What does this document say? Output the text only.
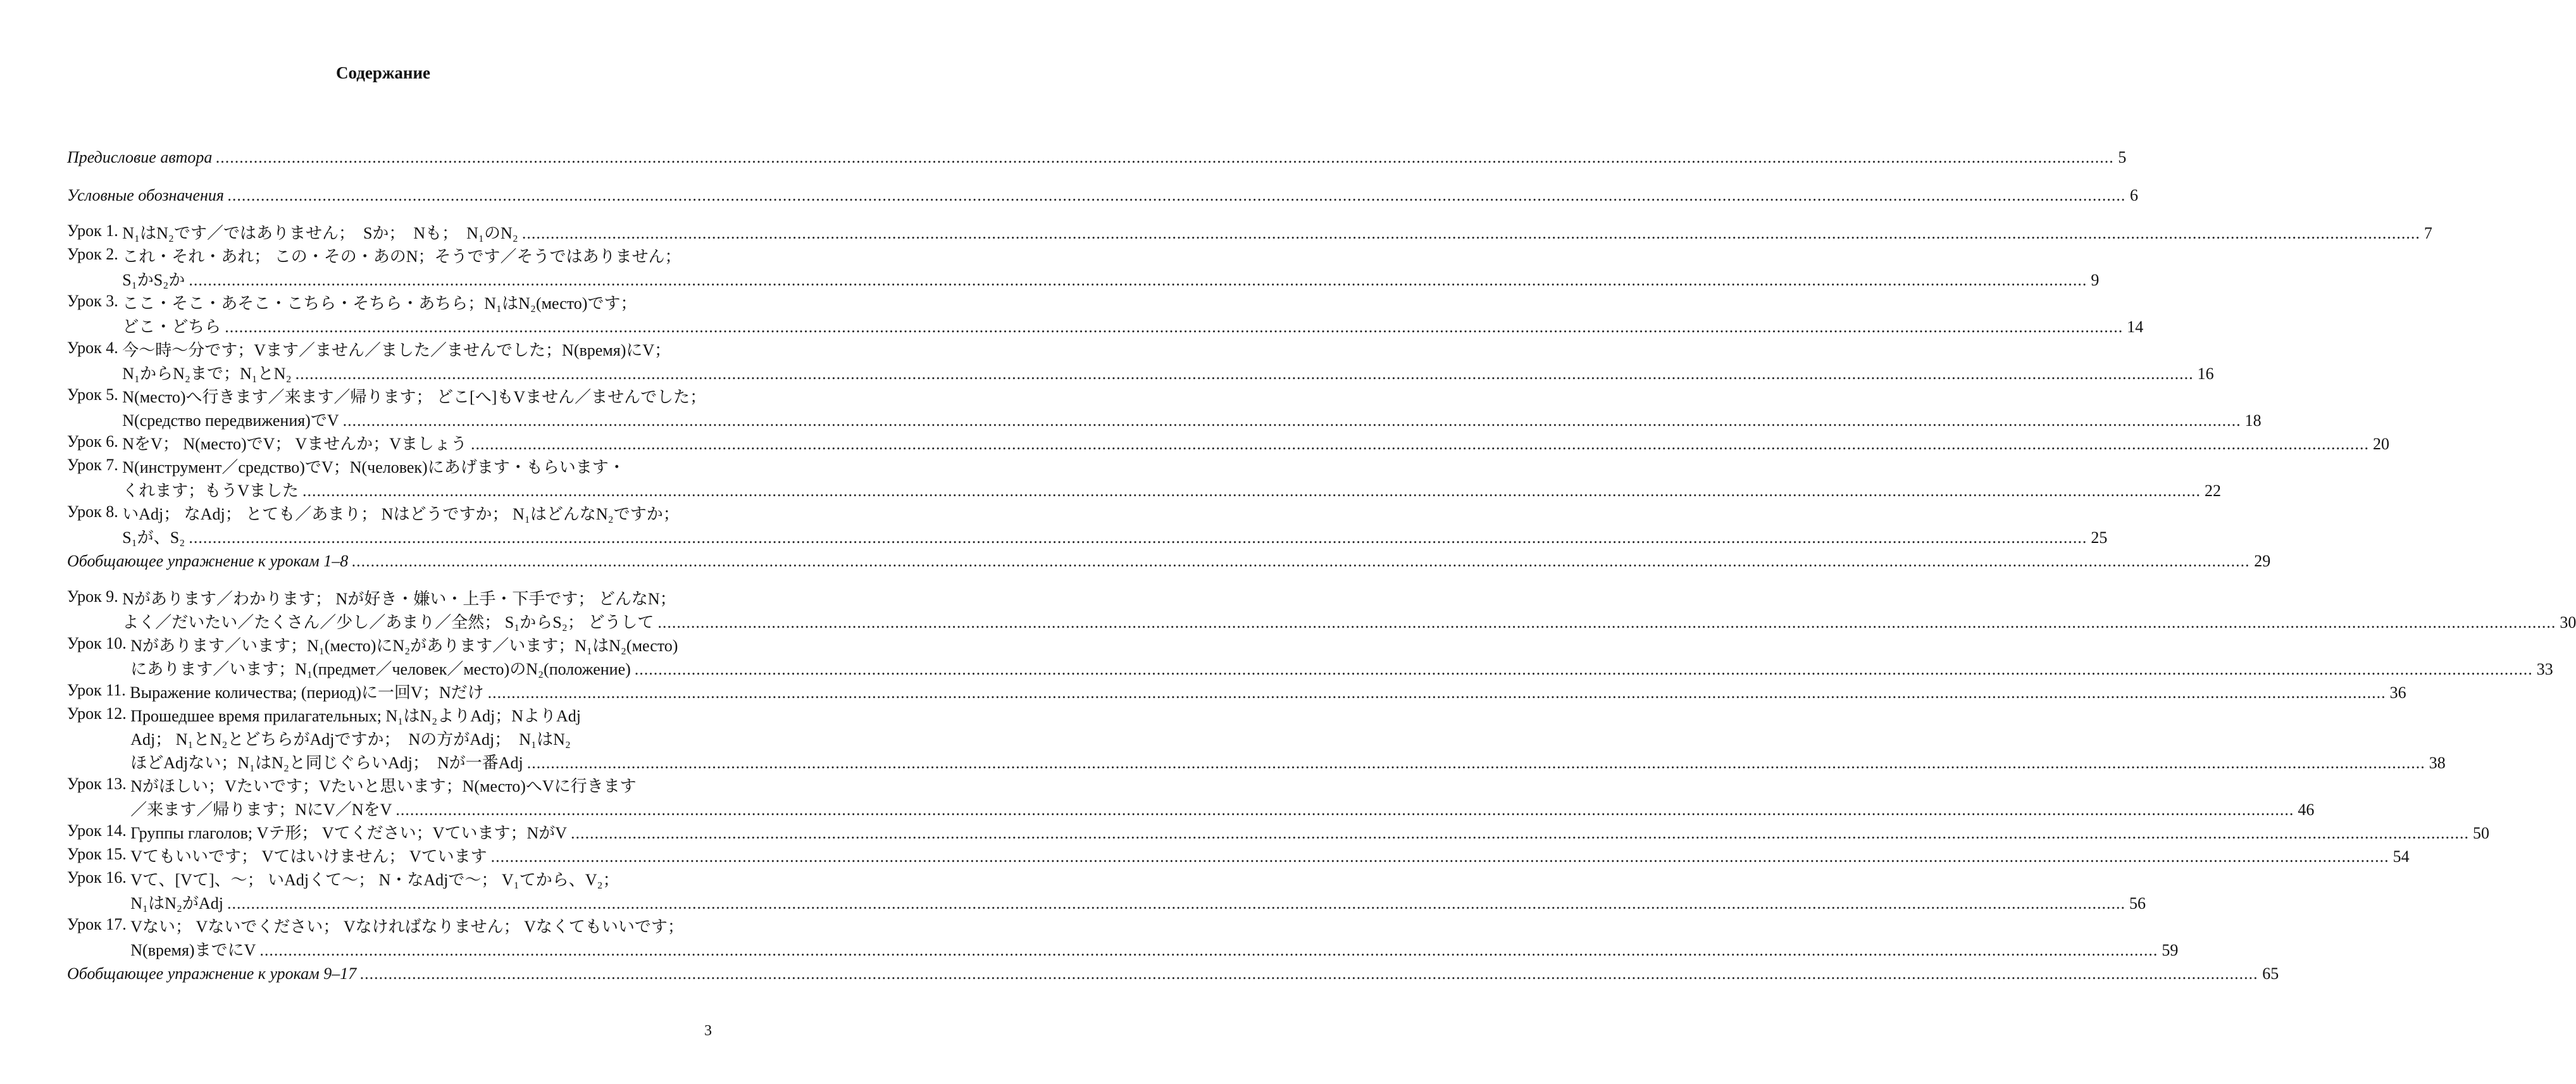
Содержание
Предисловие автора ................................................................................................................................................................................................................................................................................................................................................................................................................ 5
Условные обозначения ................................................................................................................................................................................................................................................................................................................................................................................................................ 6
Урок 1. N₁はN₂です／ではありません；　Sか；　Nも；　N₁のN₂ ................................................................................................................................................................................................................................................................................................................................................................................................................ 7
Урок 2. これ・それ・あれ； この・その・あのN；そうです／そうではありません；
S₁かS₂か ................................................................................................................................................................................................................................................................................................................................................................................................................ 9
Урок 3. ここ・そこ・あそこ・こちら・そちら・あちら；N₁はN₂(место)です；
どこ・どちら ................................................................................................................................................................................................................................................................................................................................................................................................................ 14
Урок 4. 今〜時〜分です；Vます／ません／ました／ませんでした；N(время)にV；
N₁からN₂まで；N₁とN₂ ................................................................................................................................................................................................................................................................................................................................................................................................................ 16
Урок 5. N(место)へ行きます／来ます／帰ります； どこ[へ]もVません／ませんでした；
N(средство передвижения)でV ................................................................................................................................................................................................................................................................................................................................................................................................................ 18
Урок 6. NをV； N(место)でV； Vませんか；Vましょう ................................................................................................................................................................................................................................................................................................................................................................................................................ 20
Урок 7. N(инструмент／средство)でV；N(человек)にあげます・もらいます・
くれます；もうVました ................................................................................................................................................................................................................................................................................................................................................................................................................ 22
Урок 8. いAdj； なAdj； とても／あまり； Nはどうですか； N₁はどんなN₂ですか；
S₁が、S₂ ................................................................................................................................................................................................................................................................................................................................................................................................................ 25
Обобщающее упражнение к урокам 1–8 ................................................................................................................................................................................................................................................................................................................................................................................................................ 29
Урок 9. Nがあります／わかります； Nが好き・嫌い・上手・下手です； どんなN；
よく／だいたい／たくさん／少し／あまり／全然； S₁からS₂； どうして ................................................................................................................................................................................................................................................................................................................................................................................................................ 30
Урок 10. Nがあります／います；N₁(место)にN₂があります／います；N₁はN₂(место)
にあります／います；N₁(предмет／человек／место)のN₂(положение) ................................................................................................................................................................................................................................................................................................................................................................................................................ 33
Урок 11. Выражение количества; (период)に一回V；Nだけ ................................................................................................................................................................................................................................................................................................................................................................................................................ 36
Урок 12. Прошедшее время прилагательных; N₁はN₂よりAdj；NよりAdj
Adj； N₁とN₂とどちらがAdjですか；　Nの方がAdj；　N₁はN₂
ほどAdjない；N₁はN₂と同じぐらいAdj；　Nが一番Adj ................................................................................................................................................................................................................................................................................................................................................................................................................ 38
Урок 13. Nがほしい；Vたいです；Vたいと思います；N(место)へVに行きます
／来ます／帰ります；NにV／NをV ................................................................................................................................................................................................................................................................................................................................................................................................................ 46
Урок 14. Группы глаголов; Vテ形； Vてください；Vています；NがV ................................................................................................................................................................................................................................................................................................................................................................................................................ 50
Урок 15. Vてもいいです； Vてはいけません； Vています ................................................................................................................................................................................................................................................................................................................................................................................................................ 54
Урок 16. Vて、[Vて]、〜； いAdjくて〜； N・なAdjで〜； V₁てから、V₂；
N₁はN₂がAdj ................................................................................................................................................................................................................................................................................................................................................................................................................ 56
Урок 17. Vない； Vないでください； Vなければなりません； Vなくてもいいです；
N(время)までにV ................................................................................................................................................................................................................................................................................................................................................................................................................ 59
Обобщающее упражнение к урокам 9–17 ................................................................................................................................................................................................................................................................................................................................................................................................................ 65
3
